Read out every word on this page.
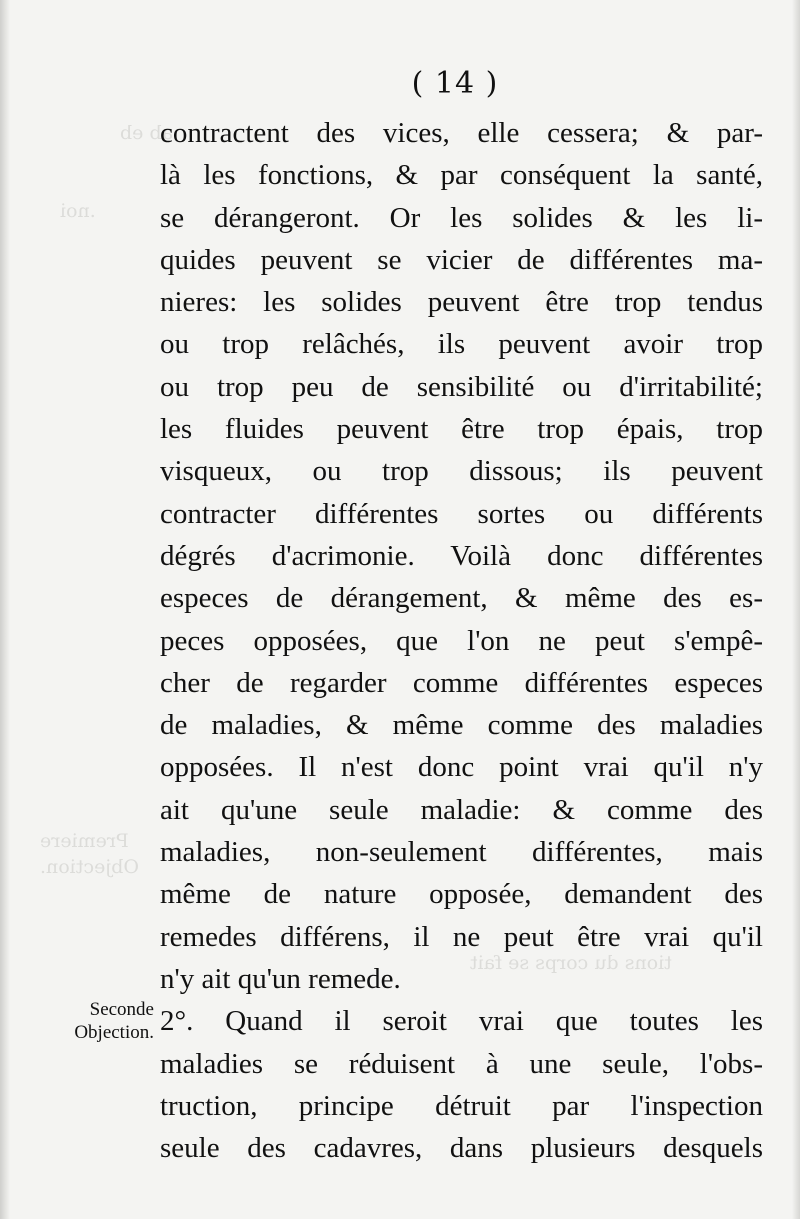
ab eb
.noi
Premiere
Objection.
tions du corps se fait
( 14 )
contractent des vices, elle cessera; & par-
là les fonctions, & par conséquent la santé,
se dérangeront. Or les solides & les li-
quides peuvent se vicier de différentes ma-
nieres: les solides peuvent être trop tendus
ou trop relâchés, ils peuvent avoir trop
ou trop peu de sensibilité ou d'irritabilité;
les fluides peuvent être trop épais, trop
visqueux, ou trop dissous; ils peuvent
contracter différentes sortes ou différents
dégrés d'acrimonie. Voilà donc différentes
especes de dérangement, & même des es-
peces opposées, que l'on ne peut s'empê-
cher de regarder comme différentes especes
de maladies, & même comme des maladies
opposées. Il n'est donc point vrai qu'il n'y
ait qu'une seule maladie: & comme des
maladies, non-seulement différentes, mais
même de nature opposée, demandent des
remedes différens, il ne peut être vrai qu'il
n'y ait qu'un remede.
2°. Quand il seroit vrai que toutes les
maladies se réduisent à une seule, l'obs-
truction, principe détruit par l'inspection
seule des cadavres, dans plusieurs desquels
Seconde
Objection.
